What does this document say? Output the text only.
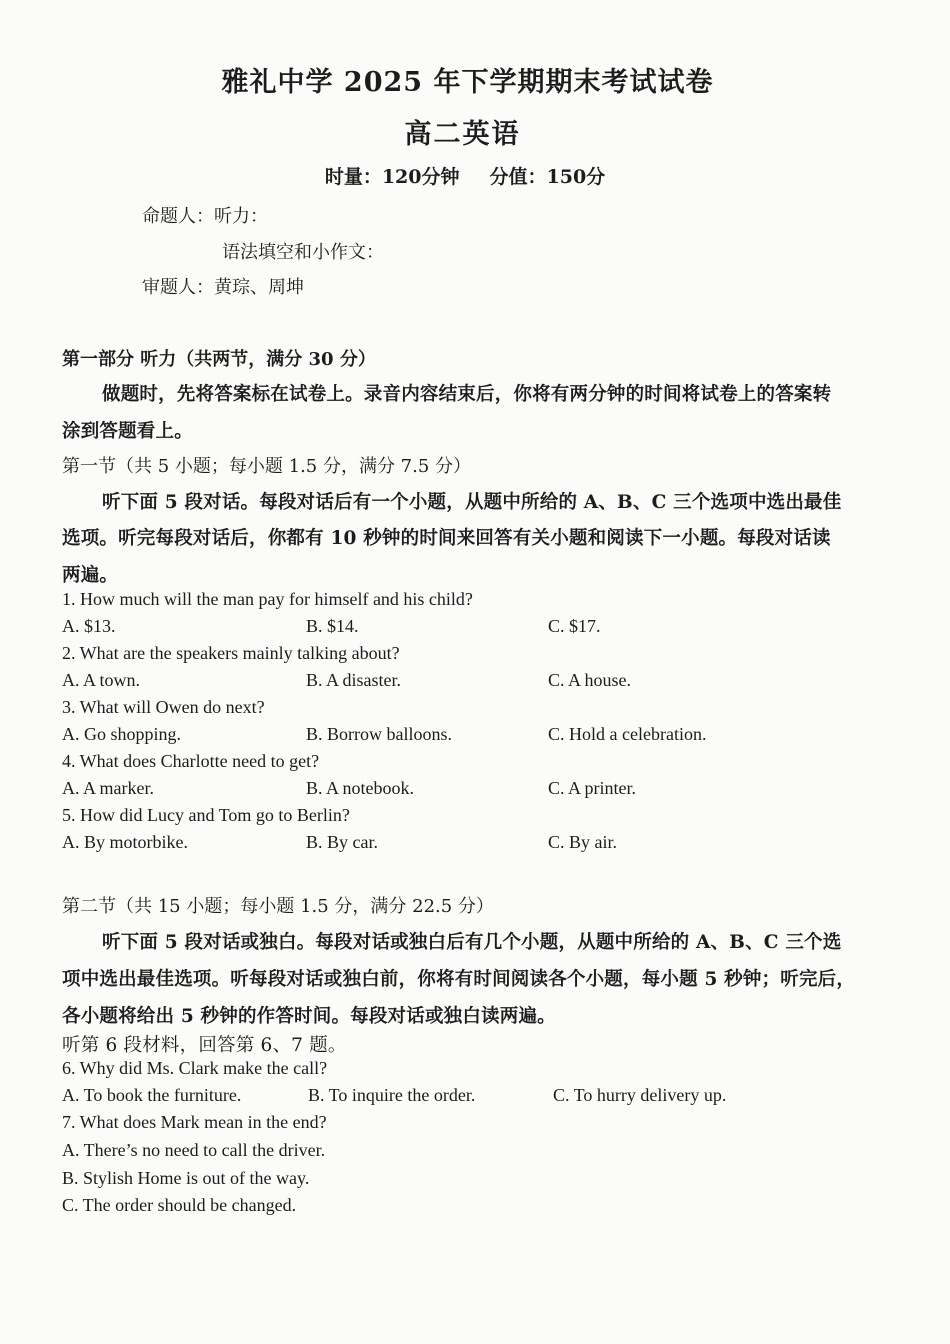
雅礼中学 2025 年下学期期末考试试卷
高二英语
时量：120分钟 分值：150分
命题人：听力：
语法填空和小作文：
审题人：黄琮、周坤
第一部分 听力（共两节，满分 30 分）
做题时，先将答案标在试卷上。录音内容结束后，你将有两分钟的时间将试卷上的答案转
涂到答题看上。
第一节（共 5 小题；每小题 1.5 分，满分 7.5 分）
听下面 5 段对话。每段对话后有一个小题，从题中所给的 A、B、C 三个选项中选出最佳
选项。听完每段对话后，你都有 10 秒钟的时间来回答有关小题和阅读下一小题。每段对话读
两遍。
1. How much will the man pay for himself and his child?
A. $13.	B. $14.	C. $17.
2. What are the speakers mainly talking about?
A. A town.	B. A disaster.	C. A house.
3. What will Owen do next?
A. Go shopping.	B. Borrow balloons.	C. Hold a celebration.
4. What does Charlotte need to get?
A. A marker.	B. A notebook.	C. A printer.
5. How did Lucy and Tom go to Berlin?
A. By motorbike.	B. By car.	C. By air.
第二节（共 15 小题；每小题 1.5 分，满分 22.5 分）
听下面 5 段对话或独白。每段对话或独白后有几个小题，从题中所给的 A、B、C 三个选
项中选出最佳选项。听每段对话或独白前，你将有时间阅读各个小题，每小题 5 秒钟；听完后，
各小题将给出 5 秒钟的作答时间。每段对话或独白读两遍。
听第 6 段材料，回答第 6、7 题。
6. Why did Ms. Clark make the call?
A. To book the furniture.	B. To inquire the order.	C. To hurry delivery up.
7. What does Mark mean in the end?
A. There’s no need to call the driver.
B. Stylish Home is out of the way.
C. The order should be changed.
